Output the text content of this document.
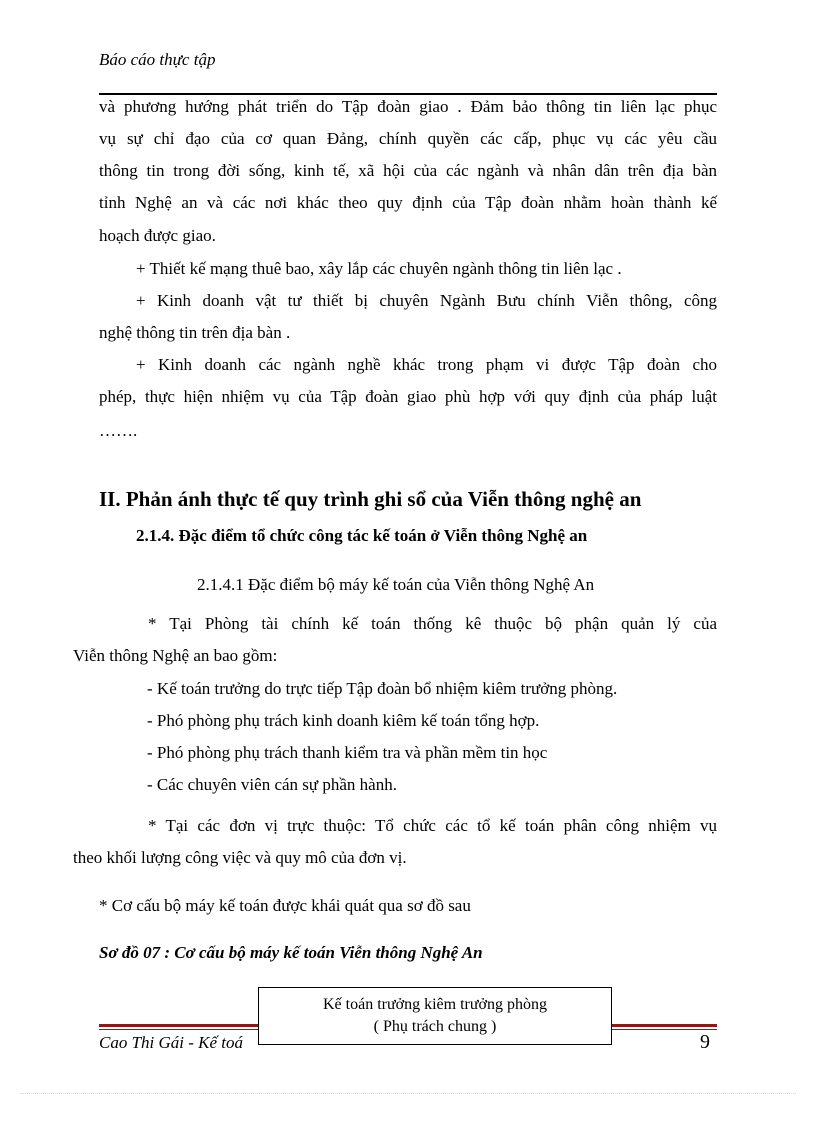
Báo cáo thực tập
và phương hướng phát triển do Tập đoàn giao . Đảm bảo thông tin liên lạc phục
vụ sự chỉ đạo của cơ quan Đảng, chính quyền các cấp, phục vụ các yêu cầu
thông tin trong đời sống, kinh tế, xã hội của các ngành và nhân dân trên địa bàn
tỉnh Nghệ an và các nơi khác theo quy định của Tập đoàn nhằm hoàn thành kế
hoạch được giao.
+ Thiết kế mạng thuê bao, xây lắp các chuyên ngành thông tin liên lạc .
+ Kinh doanh vật tư thiết bị chuyên Ngành Bưu chính Viễn thông, công
nghệ thông tin trên địa bàn .
+ Kinh doanh các ngành nghề khác trong phạm vi được Tập đoàn cho
phép, thực hiện nhiệm vụ của Tập đoàn giao phù hợp với quy định của pháp luật
…….
II. Phản ánh thực tế quy trình ghi sổ của Viễn thông nghệ an
2.1.4. Đặc điểm tổ chức công tác kế toán ở Viễn thông Nghệ an
2.1.4.1 Đặc điểm bộ máy kế toán của Viễn thông Nghệ An
* Tại Phòng tài chính kế toán thống kê thuộc bộ phận quản lý của
Viễn thông Nghệ an bao gồm:
- Kế toán trưởng do trực tiếp Tập đoàn bổ nhiệm kiêm trưởng phòng.
- Phó phòng phụ trách kinh doanh kiêm kế toán tổng hợp.
- Phó phòng phụ trách thanh kiểm tra và phần mềm tin học
- Các chuyên viên cán sự phần hành.
* Tại các đơn vị trực thuộc: Tổ chức các tổ kế toán phân công nhiệm vụ
theo khối lượng công việc và quy mô của đơn vị.
* Cơ cấu bộ máy kế toán được khái quát qua sơ đồ sau
Sơ đồ 07 : Cơ cấu bộ máy kế toán Viễn thông Nghệ An
Kế toán trưởng kiêm trưởng phòng
( Phụ trách chung )
Cao Thi Gái - Kế toá	9
